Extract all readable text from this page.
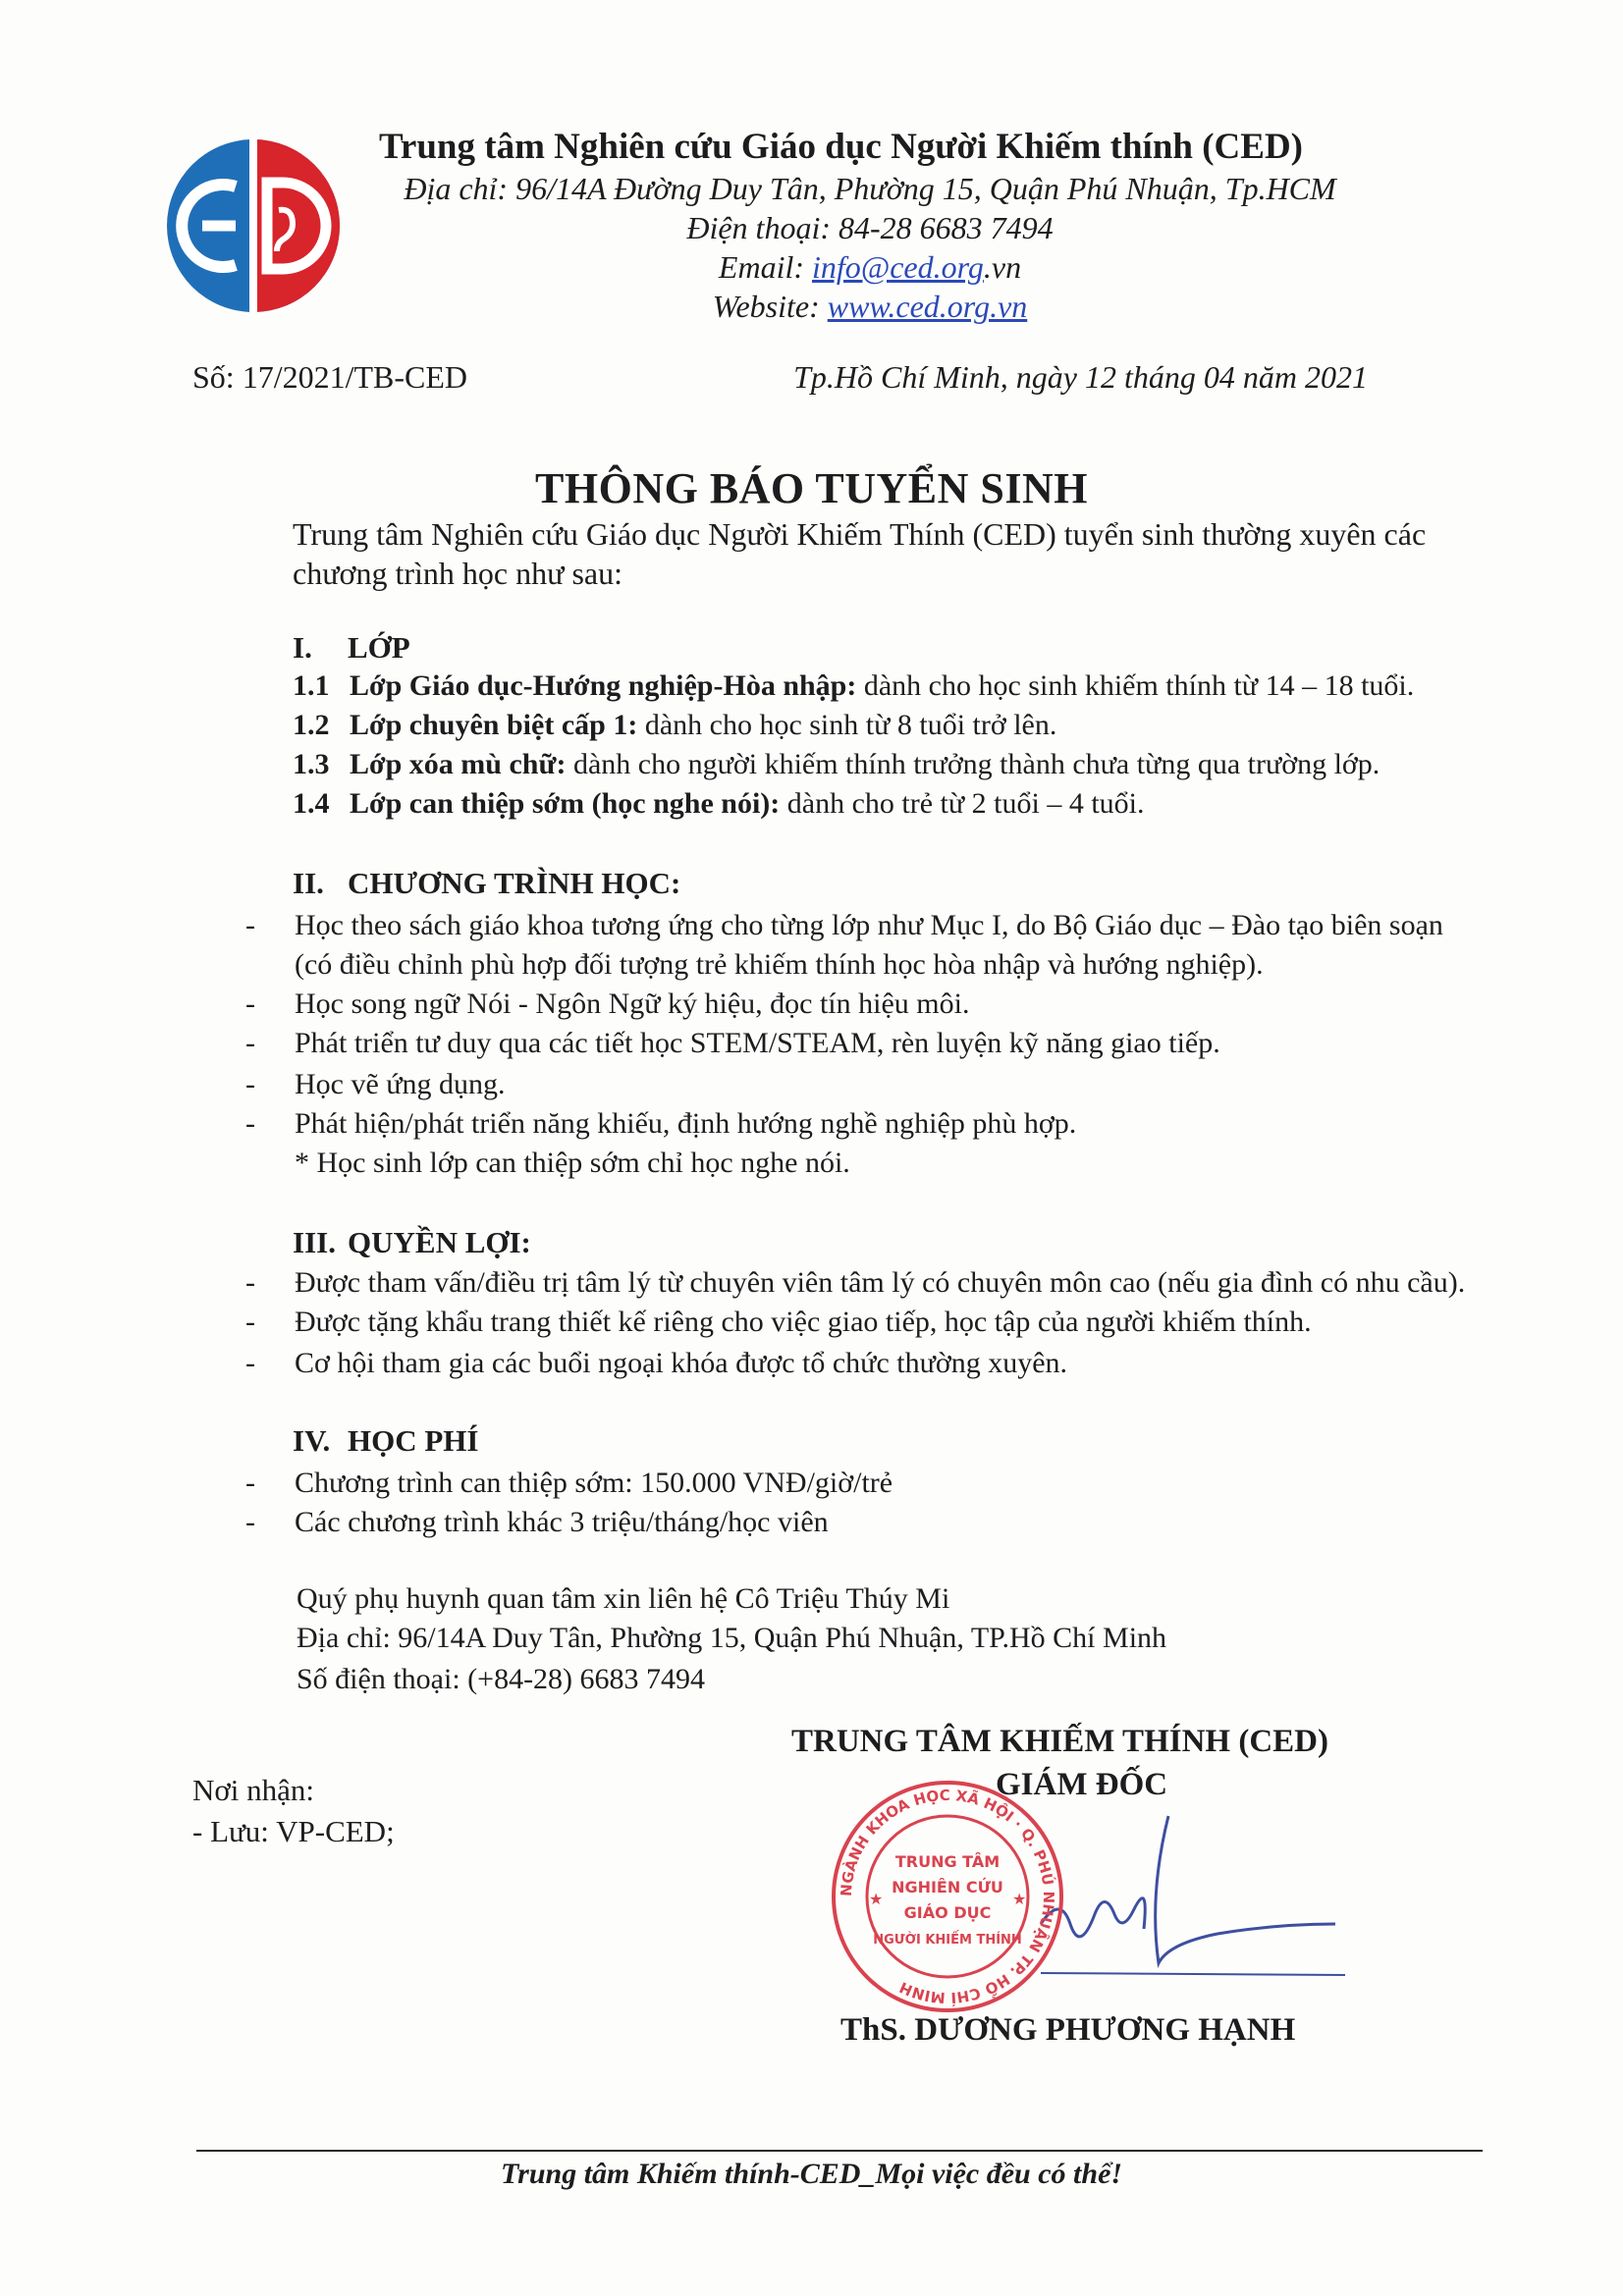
Trung tâm Nghiên cứu Giáo dục Người Khiếm thính (CED)
Địa chỉ: 96/14A Đường Duy Tân, Phường 15, Quận Phú Nhuận, Tp.HCM
Điện thoại: 84-28 6683 7494
Email: info@ced.org.vn
Website: www.ced.org.vn
Số: 17/2021/TB-CED	Tp.Hồ Chí Minh, ngày 12 tháng 04 năm 2021
THÔNG BÁO TUYỂN SINH
Trung tâm Nghiên cứu Giáo dục Người Khiếm Thính (CED) tuyển sinh thường xuyên các chương trình học như sau:
I. LỚP
1.1 Lớp Giáo dục-Hướng nghiệp-Hòa nhập: dành cho học sinh khiếm thính từ 14 – 18 tuổi.
1.2 Lớp chuyên biệt cấp 1: dành cho học sinh từ 8 tuổi trở lên.
1.3 Lớp xóa mù chữ: dành cho người khiếm thính trưởng thành chưa từng qua trường lớp.
1.4 Lớp can thiệp sớm (học nghe nói): dành cho trẻ từ 2 tuổi – 4 tuổi.
II. CHƯƠNG TRÌNH HỌC:
- Học theo sách giáo khoa tương ứng cho từng lớp như Mục I, do Bộ Giáo dục – Đào tạo biên soạn
(có điều chỉnh phù hợp đối tượng trẻ khiếm thính học hòa nhập và hướng nghiệp).
- Học song ngữ Nói - Ngôn Ngữ ký hiệu, đọc tín hiệu môi.
- Phát triển tư duy qua các tiết học STEM/STEAM, rèn luyện kỹ năng giao tiếp.
- Học vẽ ứng dụng.
- Phát hiện/phát triển năng khiếu, định hướng nghề nghiệp phù hợp.
* Học sinh lớp can thiệp sớm chỉ học nghe nói.
III. QUYỀN LỢI:
- Được tham vấn/điều trị tâm lý từ chuyên viên tâm lý có chuyên môn cao (nếu gia đình có nhu cầu).
- Được tặng khẩu trang thiết kế riêng cho việc giao tiếp, học tập của người khiếm thính.
- Cơ hội tham gia các buổi ngoại khóa được tổ chức thường xuyên.
IV. HỌC PHÍ
- Chương trình can thiệp sớm: 150.000 VNĐ/giờ/trẻ
- Các chương trình khác 3 triệu/tháng/học viên
Quý phụ huynh quan tâm xin liên hệ Cô Triệu Thúy Mi
Địa chỉ: 96/14A Duy Tân, Phường 15, Quận Phú Nhuận, TP.Hồ Chí Minh
Số điện thoại: (+84-28) 6683 7494
Nơi nhận:
- Lưu: VP-CED;
TRUNG TÂM KHIẾM THÍNH (CED)
GIÁM ĐỐC
NGÀNH KHOA HỌC XÃ HỘI · Q. PHÚ NHUẬN TP. HỒ CHÍ MINH
TRUNG TÂM
NGHIÊN CỨU
GIÁO DỤC
NGƯỜI KHIẾM THÍNH
★	★
ThS. DƯƠNG PHƯƠNG HẠNH
Trung tâm Khiếm thính-CED_Mọi việc đều có thể!
